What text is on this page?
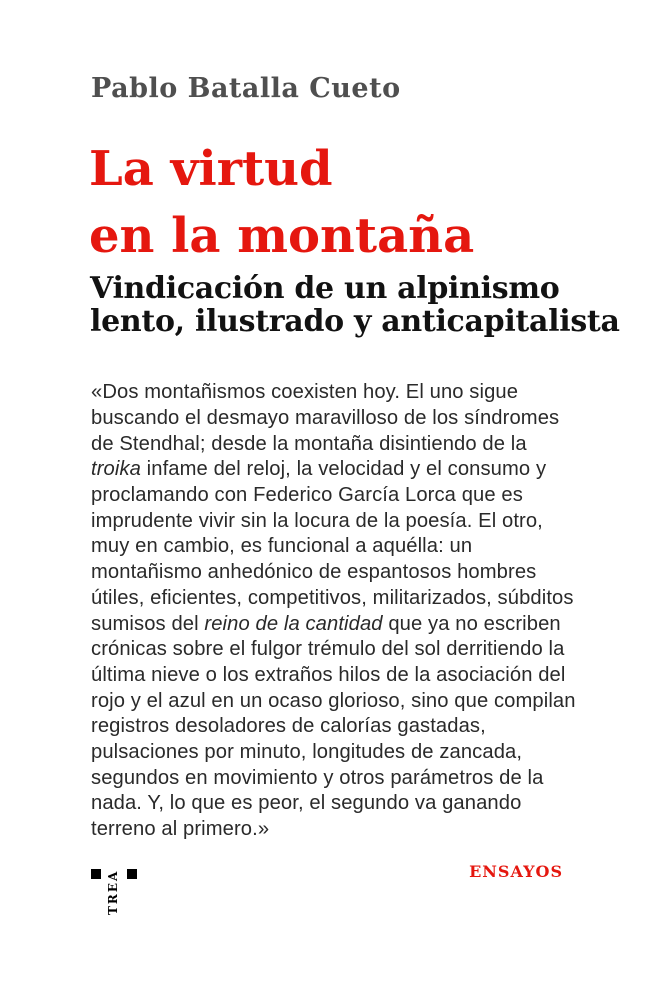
Pablo Batalla Cueto
La virtud
en la montaña
Vindicación de un alpinismo
lento, ilustrado y anticapitalista

«Dos montañismos coexisten hoy. El uno sigue buscando el desmayo maravilloso de los síndromes de Stendhal; desde la montaña disintiendo de la troika infame del reloj, la velocidad y el consumo y proclamando con Federico García Lorca que es imprudente vivir sin la locura de la poesía. El otro, muy en cambio, es funcional a aquélla: un montañismo anhedónico de espantosos hombres útiles, eficientes, competitivos, militarizados, súbditos sumisos del reino de la cantidad que ya no escriben crónicas sobre el fulgor trémulo del sol derritiendo la última nieve o los extraños hilos de la asociación del rojo y el azul en un ocaso glorioso, sino que compilan registros desoladores de calorías gastadas, pulsaciones por minuto, longitudes de zancada, segundos en movimiento y otros parámetros de la nada. Y, lo que es peor, el segundo va ganando terreno al primero.»

TREA	ENSAYOS
